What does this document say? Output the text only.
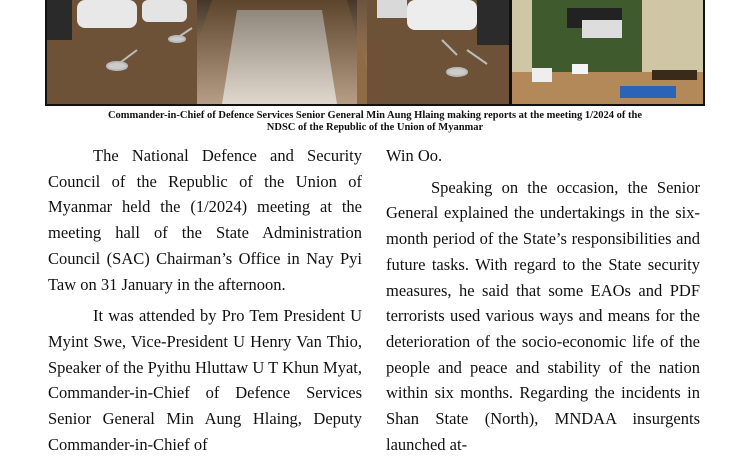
Commander-in-Chief of Defence Services Senior General Min Aung Hlaing making reports at the meeting 1/2024 of the
NDSC of the Republic of the Union of Myanmar

The National Defence and Security Council of the Republic of the Union of Myanmar held the (1/2024) meeting at the meeting hall of the State Administration Council (SAC) Chairman’s Office in Nay Pyi Taw on 31 January in the afternoon.

It was attended by Pro Tem President U Myint Swe, Vice-President U Henry Van Thio, Speaker of the Pyithu Hluttaw U T Khun Myat, Commander-in-Chief of Defence Services Senior General Min Aung Hlaing, Deputy Commander-in-Chief of

Win Oo.

Speaking on the occasion, the Senior General explained the undertakings in the six-month period of the State’s responsibilities and future tasks. With regard to the State security measures, he said that some EAOs and PDF terrorists used various ways and means for the deterioration of the socio-economic life of the people and peace and stability of the nation within six months. Regarding the incidents in Shan State (North), MNDAA insurgents launched at-
